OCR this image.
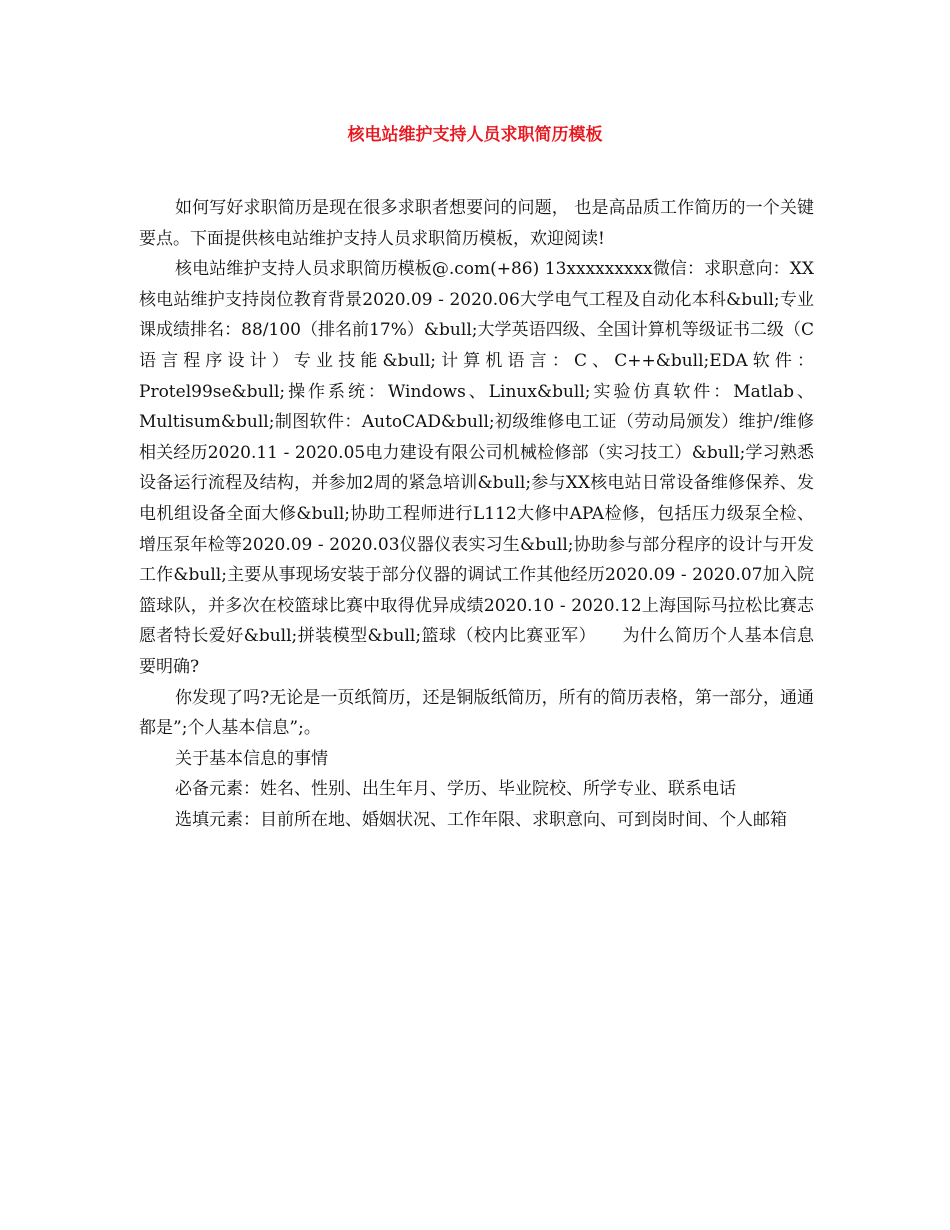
核电站维护支持人员求职简历模板

如何写好求职简历是现在很多求职者想要问的问题， 也是高品质工作简历的一个关键要点。下面提供核电站维护支持人员求职简历模板，欢迎阅读!

核电站维护支持人员求职简历模板@.com(+86) 13xxxxxxxxx微信：求职意向：XX核电站维护支持岗位教育背景2020.09 - 2020.06大学电气工程及自动化本科&bull;专业课成绩排名：88/100（排名前17%）&bull;大学英语四级、全国计算机等级证书二级（C语言程序设计）专业技能&bull;计算机语言：C、C++&bull;EDA软件：Protel99se&bull;操作系统：Windows、Linux&bull;实验仿真软件：Matlab、Multisum&bull;制图软件：AutoCAD&bull;初级维修电工证（劳动局颁发）维护/维修相关经历2020.11 - 2020.05电力建设有限公司机械检修部（实习技工）&bull;学习熟悉设备运行流程及结构，并参加2周的紧急培训&bull;参与XX核电站日常设备维修保养、发电机组设备全面大修&bull;协助工程师进行L112大修中APA检修，包括压力级泵全检、增压泵年检等2020.09 - 2020.03仪器仪表实习生&bull;协助参与部分程序的设计与开发工作&bull;主要从事现场安装于部分仪器的调试工作其他经历2020.09 - 2020.07加入院篮球队，并多次在校篮球比赛中取得优异成绩2020.10 - 2020.12上海国际马拉松比赛志愿者特长爱好&bull;拼装模型&bull;篮球（校内比赛亚军）　　为什么简历个人基本信息要明确?

你发现了吗?无论是一页纸简历，还是铜版纸简历，所有的简历表格，第一部分，通通都是”;个人基本信息”;。

关于基本信息的事情

必备元素：姓名、性别、出生年月、学历、毕业院校、所学专业、联系电话

选填元素：目前所在地、婚姻状况、工作年限、求职意向、可到岗时间、个人邮箱
